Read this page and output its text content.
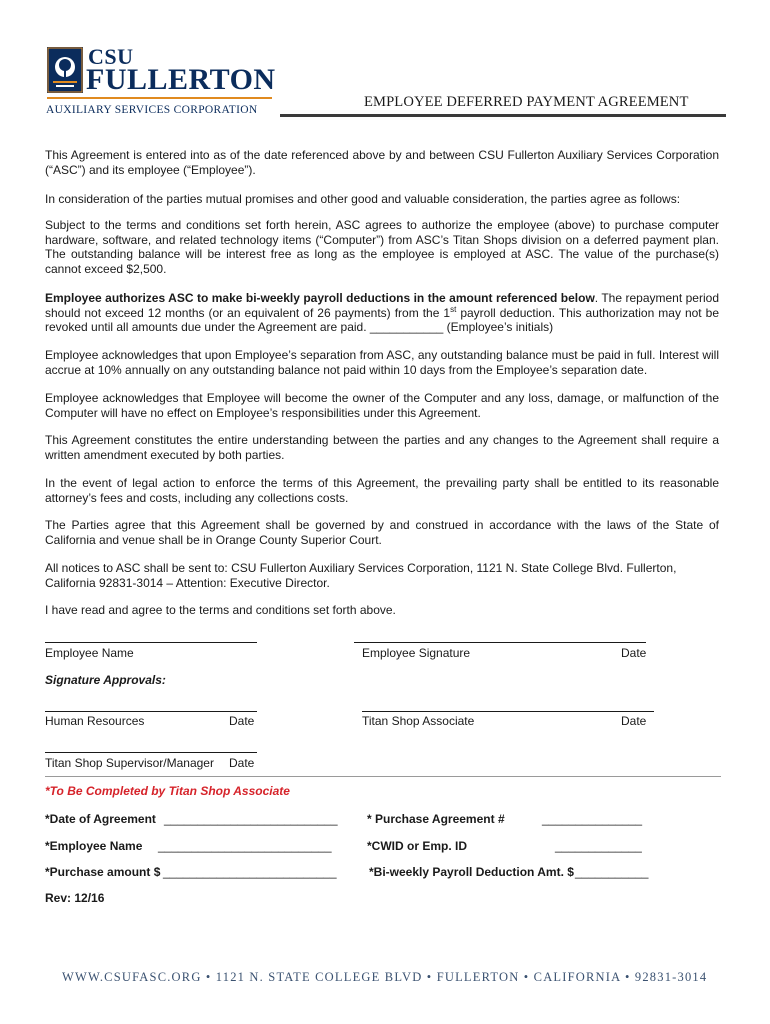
CSU
FULLERTON
AUXILIARY SERVICES CORPORATION	EMPLOYEE DEFERRED PAYMENT AGREEMENT
This Agreement is entered into as of the date referenced above by and between CSU Fullerton Auxiliary Services Corporation (“ASC”) and its employee (“Employee”).
In consideration of the parties mutual promises and other good and valuable consideration, the parties agree as follows:
Subject to the terms and conditions set forth herein, ASC agrees to authorize the employee (above) to purchase computer hardware, software, and related technology items (“Computer”) from ASC’s Titan Shops division on a deferred payment plan. The outstanding balance will be interest free as long as the employee is employed at ASC. The value of the purchase(s) cannot exceed $2,500.
Employee authorizes ASC to make bi-weekly payroll deductions in the amount referenced below. The repayment period should not exceed 12 months (or an equivalent of 26 payments) from the 1st payroll deduction. This authorization may not be revoked until all amounts due under the Agreement are paid. ___________ (Employee’s initials)
Employee acknowledges that upon Employee’s separation from ASC, any outstanding balance must be paid in full. Interest will accrue at 10% annually on any outstanding balance not paid within 10 days from the Employee’s separation date.
Employee acknowledges that Employee will become the owner of the Computer and any loss, damage, or malfunction of the Computer will have no effect on Employee’s responsibilities under this Agreement.
This Agreement constitutes the entire understanding between the parties and any changes to the Agreement shall require a written amendment executed by both parties.
In the event of legal action to enforce the terms of this Agreement, the prevailing party shall be entitled to its reasonable attorney’s fees and costs, including any collections costs.
The Parties agree that this Agreement shall be governed by and construed in accordance with the laws of the State of California and venue shall be in Orange County Superior Court.
All notices to ASC shall be sent to: CSU Fullerton Auxiliary Services Corporation, 1121 N. State College Blvd. Fullerton, California 92831-3014 – Attention: Executive Director.
I have read and agree to the terms and conditions set forth above.
Employee Name	Employee Signature	Date
Signature Approvals:
Human Resources	Date	Titan Shop Associate	Date
Titan Shop Supervisor/Manager Date
*To Be Completed by Titan Shop Associate
*Date of Agreement __________________________ * Purchase Agreement #	_______________
*Employee Name __________________________	*CWID or Emp. ID	_____________
*Purchase amount $ __________________________	*Bi-weekly Payroll Deduction Amt. $ ___________
Rev: 12/16
WWW.CSUFASC.ORG • 1121 N. STATE COLLEGE BLVD • FULLERTON • CALIFORNIA • 92831-3014
